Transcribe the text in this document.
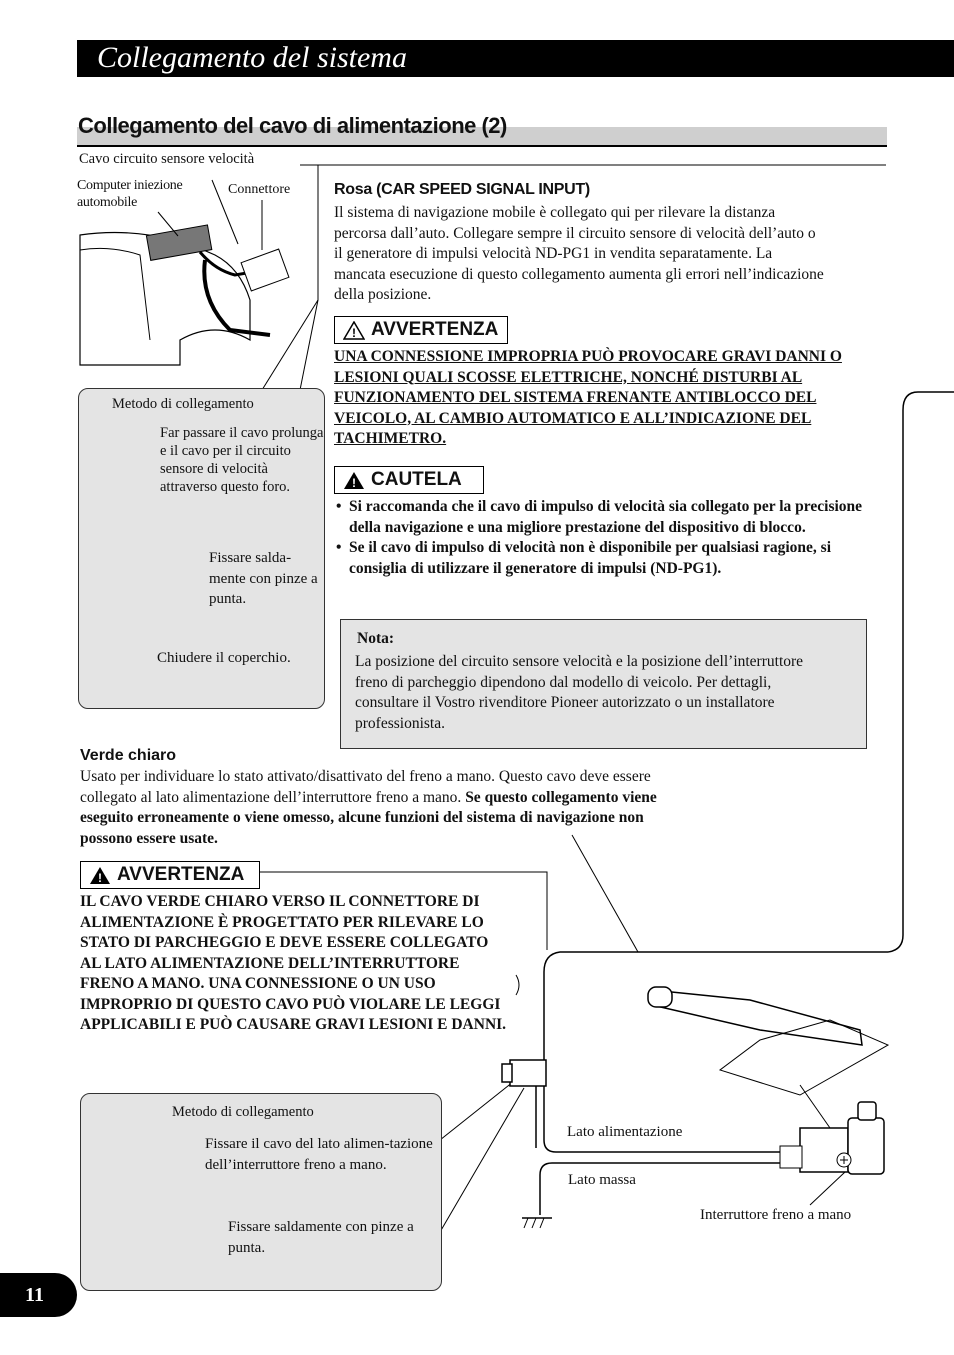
Collegamento del sistema
Collegamento del cavo di alimentazione (2)
Cavo circuito sensore velocità
Computer iniezione
automobile
Connettore	Rosa (CAR SPEED SIGNAL INPUT)
Il sistema di navigazione mobile è collegato qui per rilevare la distanza percorsa dall’auto. Collegare sempre il circuito sensore di velocità dell’auto o il generatore di impulsi velocità ND-PG1 in vendita separatamente. La mancata esecuzione di questo collegamento aumenta gli errori nell’indicazione della posizione.
! AVVERTENZA
UNA CONNESSIONE IMPROPRIA PUÒ PROVOCARE GRAVI DANNI O LESIONI QUALI SCOSSE ELETTRICHE, NONCHÉ DISTURBI AL FUNZIONAMENTO DEL SISTEMA FRENANTE ANTIBLOCCO DEL VEICOLO, AL CAMBIO AUTOMATICO E ALL’INDICAZIONE DEL TACHIMETRO.
! CAUTELA
• Si raccomanda che il cavo di impulso di velocità sia collegato per la precisione della navigazione e una migliore prestazione del dispositivo di blocco.
• Se il cavo di impulso di velocità non è disponibile per qualsiasi ragione, si consiglia di utilizzare il generatore di impulsi (ND-PG1).
Metodo di collegamento
Far passare il cavo prolunga e il cavo per il circuito sensore di velocità attraverso questo foro.
Fissare salda-mente con pinze a punta.
Chiudere il coperchio.
Nota:
La posizione del circuito sensore velocità e la posizione dell’interruttore freno di parcheggio dipendono dal modello di veicolo. Per dettagli, consultare il Vostro rivenditore Pioneer autorizzato o un installatore professionista.
Verde chiaro
Usato per individuare lo stato attivato/disattivato del freno a mano. Questo cavo deve essere collegato al lato alimentazione dell’interruttore freno a mano. Se questo collegamento viene eseguito erroneamente o viene omesso, alcune funzioni del sistema di navigazione non possono essere usate.
! AVVERTENZA
IL CAVO VERDE CHIARO VERSO IL CONNETTORE DI ALIMENTAZIONE È PROGETTATO PER RILEVARE LO STATO DI PARCHEGGIO E DEVE ESSERE COLLEGATO AL LATO ALIMENTAZIONE DELL’INTERRUTTORE FRENO A MANO. UNA CONNESSIONE O UN USO IMPROPRIO DI QUESTO CAVO PUÒ VIOLARE LE LEGGI APPLICABILI E PUÒ CAUSARE GRAVI LESIONI E DANNI.
Metodo di collegamento
Fissare il cavo del lato alimen-tazione dell’interruttore freno a mano.
Fissare saldamente con pinze a punta.
Lato alimentazione
Lato massa
Interruttore freno a mano
11
